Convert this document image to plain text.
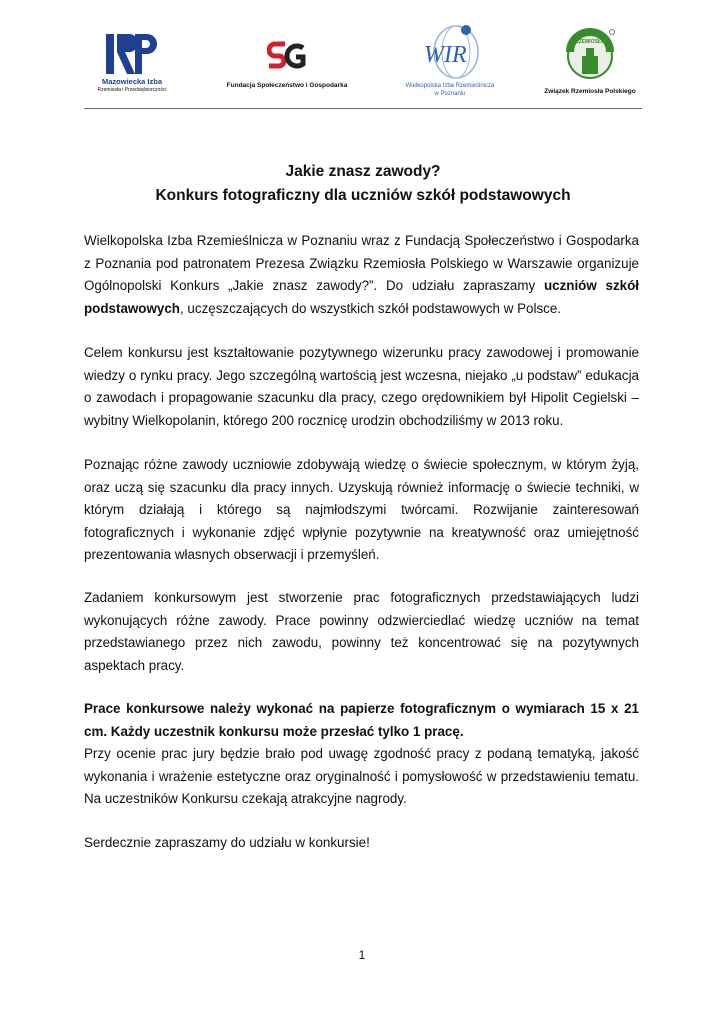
Mazowiecka Izba
Rzemiosła i Przedsiębiorczości
Fundacja Społeczeństwo i Gospodarka
WIR
Wielkopolska Izba Rzemieślnicza
w Poznaniu
RZEMIOSŁO
Związek Rzemiosła Polskiego
Jakie znasz zawody?
Konkurs fotograficzny dla uczniów szkół podstawowych

Wielkopolska Izba Rzemieślnicza w Poznaniu wraz z Fundacją Społeczeństwo i Gospodarka z Poznania pod patronatem Prezesa Związku Rzemiosła Polskiego w Warszawie organizuje Ogólnopolski Konkurs „Jakie znasz zawody?”. Do udziału zapraszamy uczniów szkół podstawowych, uczęszczających do wszystkich szkół podstawowych w Polsce.

Celem konkursu jest kształtowanie pozytywnego wizerunku pracy zawodowej i promowanie wiedzy o rynku pracy. Jego szczególną wartością jest wczesna, niejako „u podstaw” edukacja o zawodach i propagowanie szacunku dla pracy, czego orędownikiem był Hipolit Cegielski – wybitny Wielkopolanin, którego 200 rocznicę urodzin obchodziliśmy w 2013 roku.

Poznając różne zawody uczniowie zdobywają wiedzę o świecie społecznym, w którym żyją, oraz uczą się szacunku dla pracy innych. Uzyskują również informację o świecie techniki, w którym działają i którego są najmłodszymi twórcami. Rozwijanie zainteresowań fotograficznych i wykonanie zdjęć wpłynie pozytywnie na kreatywność oraz umiejętność prezentowania własnych obserwacji i przemyśleń.

Zadaniem konkursowym jest stworzenie prac fotograficznych przedstawiających ludzi wykonujących różne zawody. Prace powinny odzwierciedlać wiedzę uczniów na temat przedstawianego przez nich zawodu, powinny też koncentrować się na pozytywnych aspektach pracy.

Prace konkursowe należy wykonać na papierze fotograficznym o wymiarach 15 x 21 cm. Każdy uczestnik konkursu może przesłać tylko 1 pracę.
Przy ocenie prac jury będzie brało pod uwagę zgodność pracy z podaną tematyką, jakość wykonania i wrażenie estetyczne oraz oryginalność i pomysłowość w przedstawieniu tematu. Na uczestników Konkursu czekają atrakcyjne nagrody.

Serdecznie zapraszamy do udziału w konkursie!

1
